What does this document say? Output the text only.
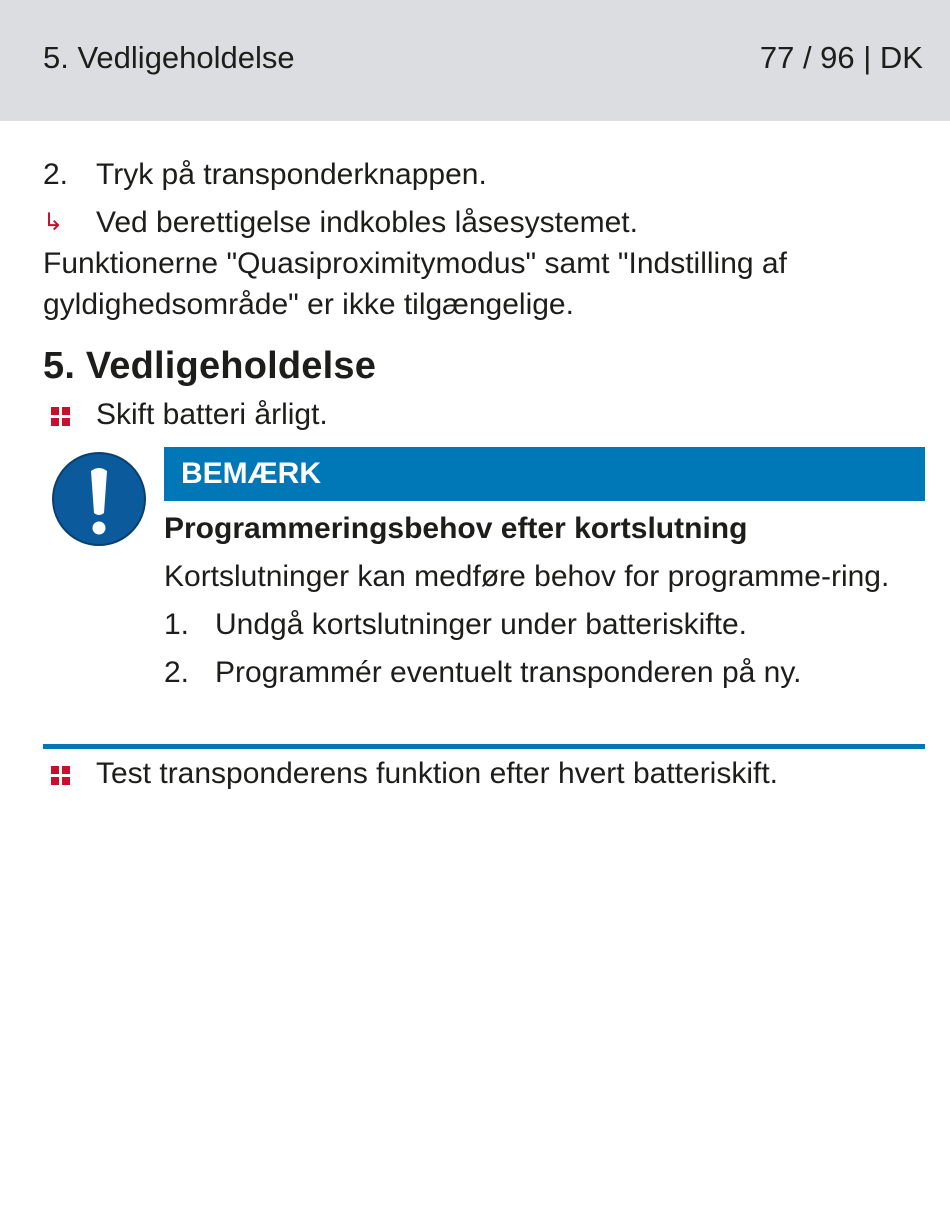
5. Vedligeholdelse	77 / 96 | DK
2. Tryk på transponderknappen.
↳ Ved berettigelse indkobles låsesystemet.
Funktionerne "Quasiproximitymodus" samt "Indstilling af gyldighedsområde" er ikke tilgængelige.
5. Vedligeholdelse
Skift batteri årligt.
BEMÆRK
Programmeringsbehov efter kortslutning
Kortslutninger kan medføre behov for programme-ring.
1. Undgå kortslutninger under batteriskifte.
2. Programmér eventuelt transponderen på ny.
Test transponderens funktion efter hvert batteriskift.
